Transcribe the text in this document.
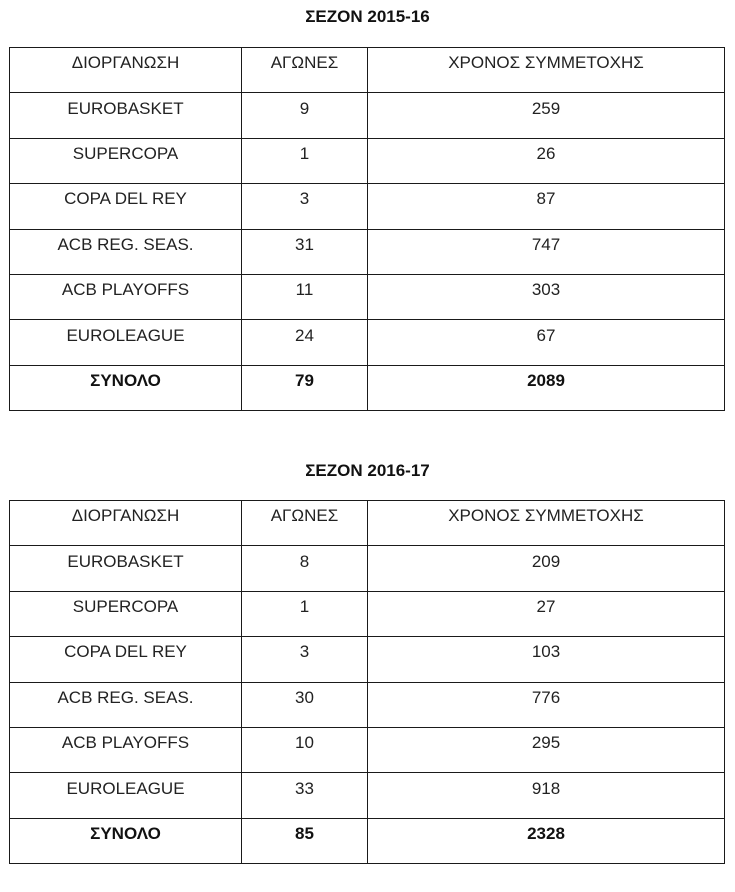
ΣΕΖΟΝ 2015-16
ΔΙΟΡΓΑΝΩΣΗ	ΑΓΩΝΕΣ	ΧΡΟΝΟΣ ΣΥΜΜΕΤΟΧΗΣ
EUROBASKET	9	259
SUPERCOPA	1	26
COPA DEL REY	3	87
ACB REG. SEAS.	31	747
ACB PLAYOFFS	11	303
EUROLEAGUE	24	67
ΣΥΝΟΛΟ	79	2089
ΣΕΖΟΝ 2016-17
ΔΙΟΡΓΑΝΩΣΗ	ΑΓΩΝΕΣ	ΧΡΟΝΟΣ ΣΥΜΜΕΤΟΧΗΣ
EUROBASKET	8	209
SUPERCOPA	1	27
COPA DEL REY	3	103
ACB REG. SEAS.	30	776
ACB PLAYOFFS	10	295
EUROLEAGUE	33	918
ΣΥΝΟΛΟ	85	2328
